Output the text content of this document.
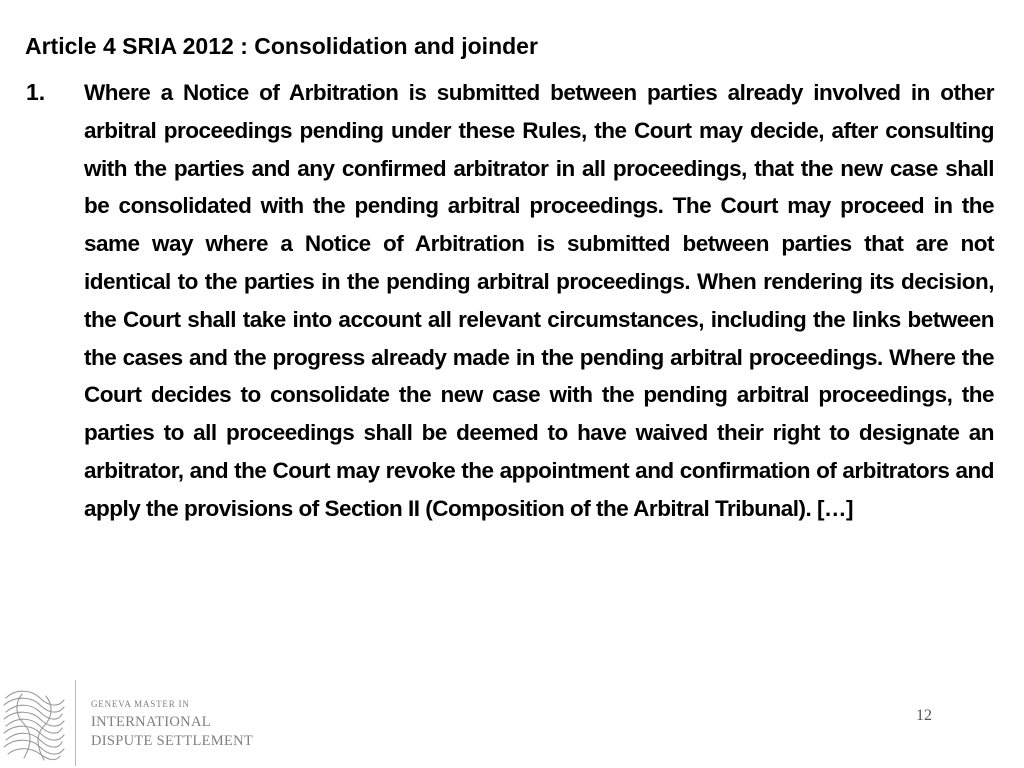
Article 4 SRIA 2012 : Consolidation and joinder
1. Where a Notice of Arbitration is submitted between parties already involved in other arbitral proceedings pending under these Rules, the Court may decide, after consulting with the parties and any confirmed arbitrator in all proceedings, that the new case shall be consolidated with the pending arbitral proceedings. The Court may proceed in the same way where a Notice of Arbitration is submitted between parties that are not identical to the parties in the pending arbitral proceedings. When rendering its decision, the Court shall take into account all relevant circumstances, including the links between the cases and the progress already made in the pending arbitral proceedings. Where the Court decides to consolidate the new case with the pending arbitral proceedings, the parties to all proceedings shall be deemed to have waived their right to designate an arbitrator, and the Court may revoke the appointment and confirmation of arbitrators and apply the provisions of Section II (Composition of the Arbitral Tribunal). […]

GENEVA MASTER IN

INTERNATIONAL

DISPUTE SETTLEMENT

12
